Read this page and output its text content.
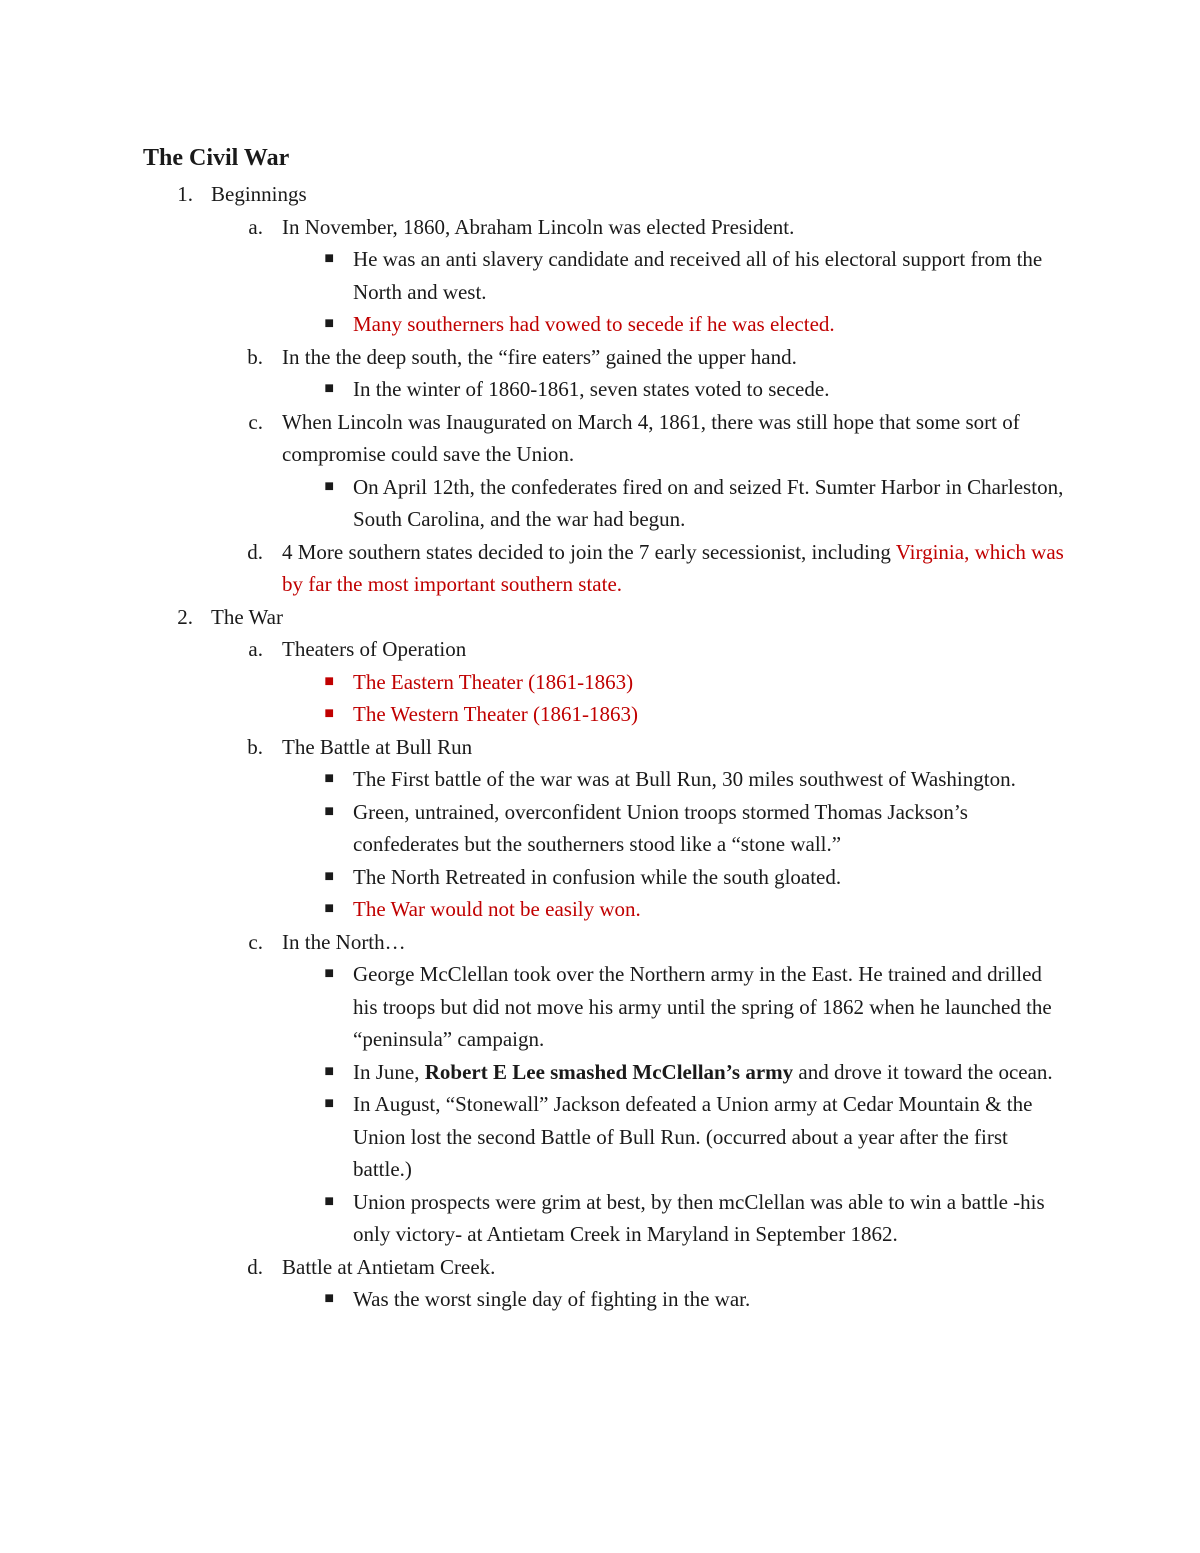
The Civil War
1. Beginnings
a. In November, 1860, Abraham Lincoln was elected President.
■ He was an anti slavery candidate and received all of his electoral support from the North and west.
■ Many southerners had vowed to secede if he was elected.
b. In the the deep south, the “fire eaters” gained the upper hand.
■ In the winter of 1860-1861, seven states voted to secede.
c. When Lincoln was Inaugurated on March 4, 1861, there was still hope that some sort of compromise could save the Union.
■ On April 12th, the confederates fired on and seized Ft. Sumter Harbor in Charleston, South Carolina, and the war had begun.
d. 4 More southern states decided to join the 7 early secessionist, including Virginia, which was by far the most important southern state.
2. The War
a. Theaters of Operation
■ The Eastern Theater (1861-1863)
■ The Western Theater (1861-1863)
b. The Battle at Bull Run
■ The First battle of the war was at Bull Run, 30 miles southwest of Washington.
■ Green, untrained, overconfident Union troops stormed Thomas Jackson’s confederates but the southerners stood like a “stone wall.”
■ The North Retreated in confusion while the south gloated.
■ The War would not be easily won.
c. In the North…
■ George McClellan took over the Northern army in the East. He trained and drilled his troops but did not move his army until the spring of 1862 when he launched the “peninsula” campaign.
■ In June, Robert E Lee smashed McClellan’s army and drove it toward the ocean.
■ In August, “Stonewall” Jackson defeated a Union army at Cedar Mountain & the Union lost the second Battle of Bull Run. (occurred about a year after the first battle.)
■ Union prospects were grim at best, by then mcClellan was able to win a battle -his only victory- at Antietam Creek in Maryland in September 1862.
d. Battle at Antietam Creek.
■ Was the worst single day of fighting in the war.
